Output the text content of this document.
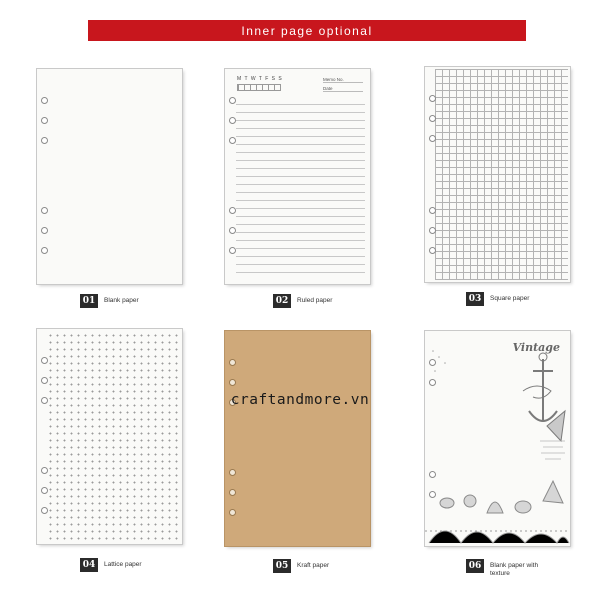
Inner page optional
01	Blank paper
M T W T F S S	Memo No.
Date
02	Ruled paper	03	Square paper
04	Lattice paper	05	Kraft paper
Vintage
06	Blank paper with texture
craftandmore.vn
